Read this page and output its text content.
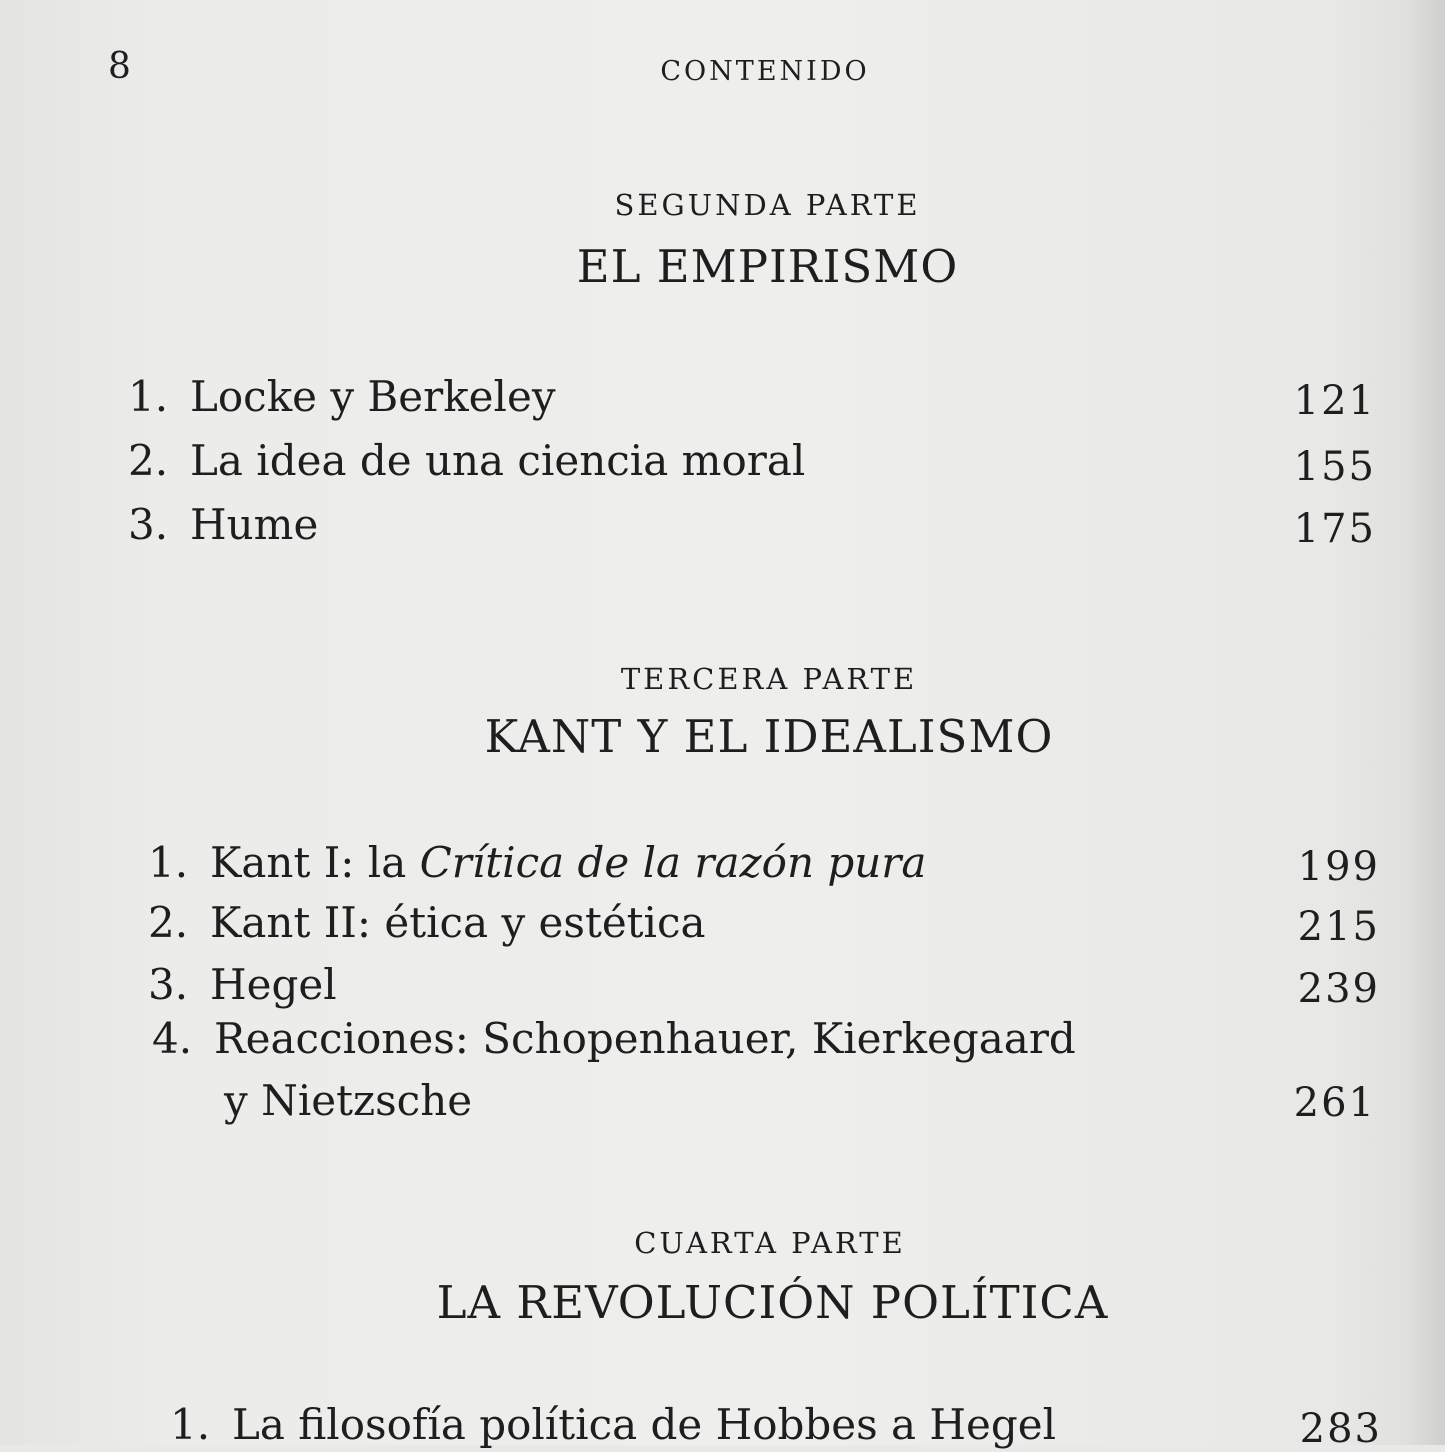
8	CONTENIDO
SEGUNDA PARTE
EL EMPIRISMO
1. Locke y Berkeley	121
2. La idea de una ciencia moral	155
3. Hume	175
TERCERA PARTE
KANT Y EL IDEALISMO
1. Kant I: la Crítica de la razón pura	199
2. Kant II: ética y estética	215
3. Hegel	239
4. Reacciones: Schopenhauer, Kierkegaard
y Nietzsche	261
CUARTA PARTE
LA REVOLUCIÓN POLÍTICA
1. La filosofía política de Hobbes a Hegel	283
